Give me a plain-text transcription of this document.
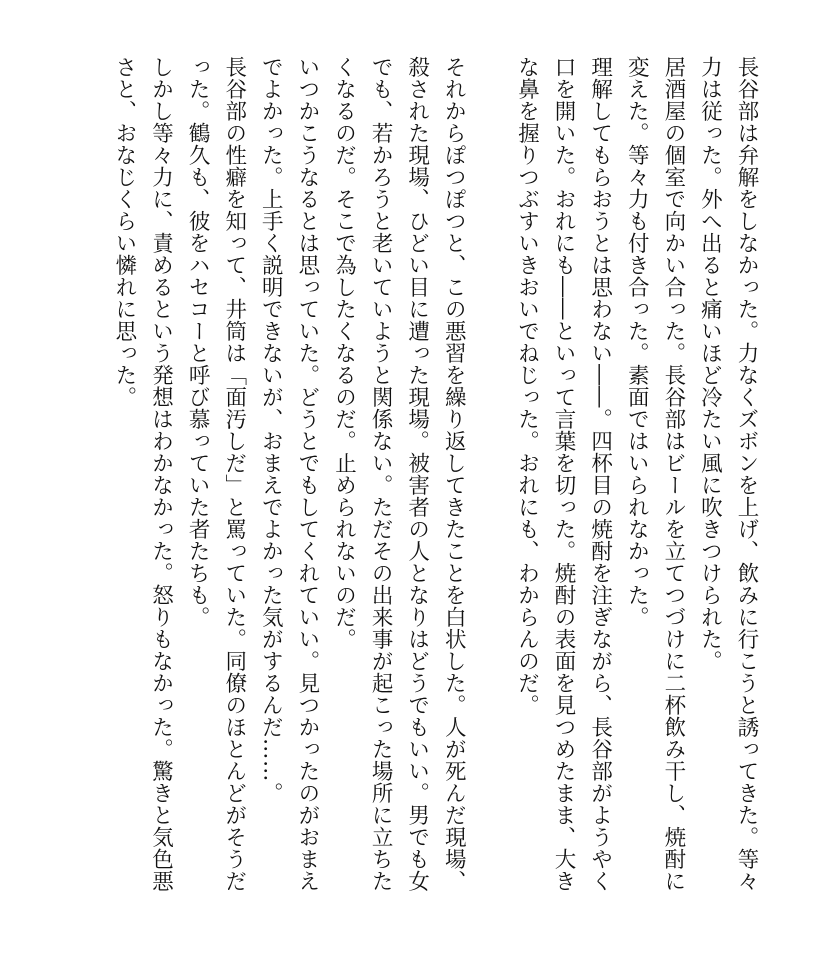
長谷部は弁解をしなかった。力なくズボンを上げ、飲みに行こうと誘ってきた。等々力は従った。外へ出ると痛いほど冷たい風に吹きつけられた。

居酒屋の個室で向かい合った。長谷部はビールを立てつづけに二杯飲み干し、焼酎に変えた。等々力も付き合った。素面ではいられなかった。

理解してもらおうとは思わない――。四杯目の焼酎を注ぎながら、長谷部がようやく口を開いた。おれにも――といって言葉を切った。焼酎の表面を見つめたまま、大きな鼻を握りつぶすいきおいでねじった。おれにも、わからんのだ。

それからぽつぽつと、この悪習を繰り返してきたことを白状した。人が死んだ現場、殺された現場、ひどい目に遭った現場。被害者の人となりはどうでもいい。男でも女でも、若かろうと老いていようと関係ない。ただその出来事が起こった場所に立ちたくなるのだ。そこで為したくなるのだ。止められないのだ。

いつかこうなるとは思っていた。どうとでもしてくれていい。見つかったのがおまえでよかった。上手く説明できないが、おまえでよかった気がするんだ……。

長谷部の性癖を知って、井筒は「面汚しだ」と罵っていた。同僚のほとんどがそうだった。鶴久も、彼をハセコーと呼び慕っていた者たちも。

しかし等々力に、責めるという発想はわかなかった。怒りもなかった。驚きと気色悪さと、おなじくらい憐れに思った。
